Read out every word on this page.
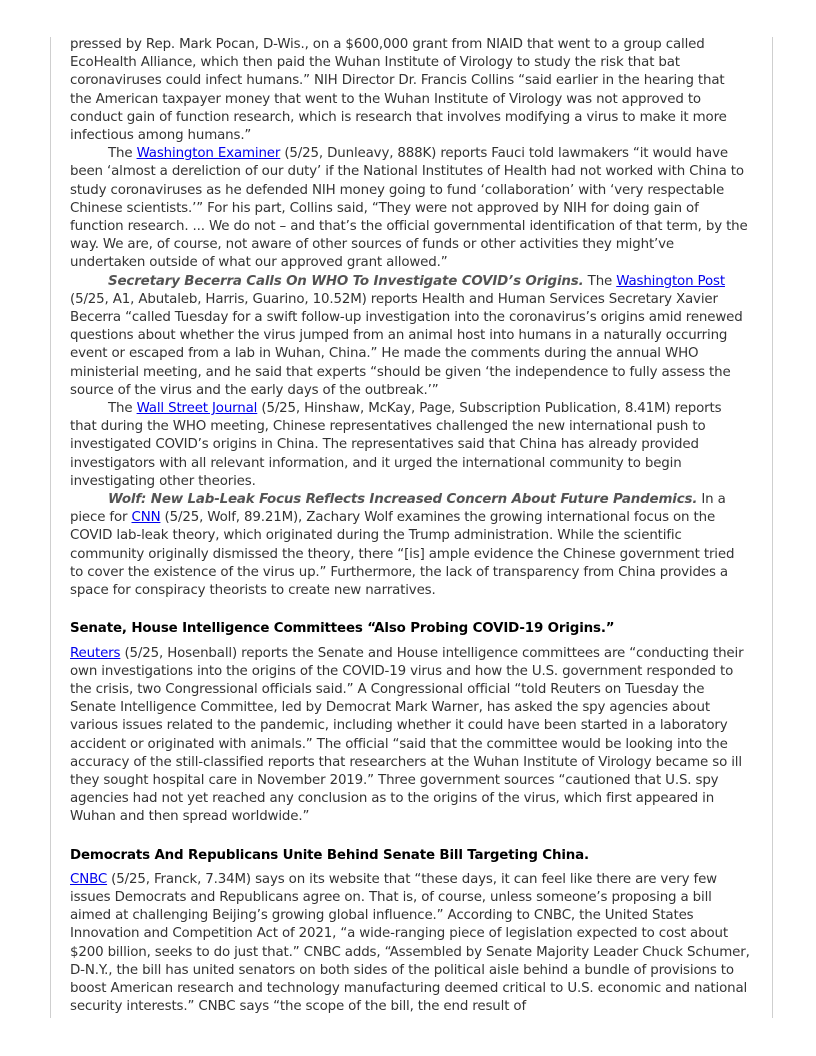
pressed by Rep. Mark Pocan, D-Wis., on a $600,000 grant from NIAID that went to a group called EcoHealth Alliance, which then paid the Wuhan Institute of Virology to study the risk that bat coronaviruses could infect humans.” NIH Director Dr. Francis Collins “said earlier in the hearing that the American taxpayer money that went to the Wuhan Institute of Virology was not approved to conduct gain of function research, which is research that involves modifying a virus to make it more infectious among humans.”

The Washington Examiner (5/25, Dunleavy, 888K) reports Fauci told lawmakers “it would have been ‘almost a dereliction of our duty’ if the National Institutes of Health had not worked with China to study coronaviruses as he defended NIH money going to fund ‘collaboration’ with ‘very respectable Chinese scientists.’” For his part, Collins said, “They were not approved by NIH for doing gain of function research. ... We do not – and that’s the official governmental identification of that term, by the way. We are, of course, not aware of other sources of funds or other activities they might’ve undertaken outside of what our approved grant allowed.”

Secretary Becerra Calls On WHO To Investigate COVID’s Origins. The Washington Post (5/25, A1, Abutaleb, Harris, Guarino, 10.52M) reports Health and Human Services Secretary Xavier Becerra “called Tuesday for a swift follow-up investigation into the coronavirus’s origins amid renewed questions about whether the virus jumped from an animal host into humans in a naturally occurring event or escaped from a lab in Wuhan, China.” He made the comments during the annual WHO ministerial meeting, and he said that experts “should be given ‘the independence to fully assess the source of the virus and the early days of the outbreak.’”

The Wall Street Journal (5/25, Hinshaw, McKay, Page, Subscription Publication, 8.41M) reports that during the WHO meeting, Chinese representatives challenged the new international push to investigated COVID’s origins in China. The representatives said that China has already provided investigators with all relevant information, and it urged the international community to begin investigating other theories.

Wolf: New Lab-Leak Focus Reflects Increased Concern About Future Pandemics. In a piece for CNN (5/25, Wolf, 89.21M), Zachary Wolf examines the growing international focus on the COVID lab-leak theory, which originated during the Trump administration. While the scientific community originally dismissed the theory, there “[is] ample evidence the Chinese government tried to cover the existence of the virus up.” Furthermore, the lack of transparency from China provides a space for conspiracy theorists to create new narratives.

Senate, House Intelligence Committees “Also Probing COVID-19 Origins.”

Reuters (5/25, Hosenball) reports the Senate and House intelligence committees are “conducting their own investigations into the origins of the COVID-19 virus and how the U.S. government responded to the crisis, two Congressional officials said.” A Congressional official “told Reuters on Tuesday the Senate Intelligence Committee, led by Democrat Mark Warner, has asked the spy agencies about various issues related to the pandemic, including whether it could have been started in a laboratory accident or originated with animals.” The official “said that the committee would be looking into the accuracy of the still-classified reports that researchers at the Wuhan Institute of Virology became so ill they sought hospital care in November 2019.” Three government sources “cautioned that U.S. spy agencies had not yet reached any conclusion as to the origins of the virus, which first appeared in Wuhan and then spread worldwide.”

Democrats And Republicans Unite Behind Senate Bill Targeting China.

CNBC (5/25, Franck, 7.34M) says on its website that “these days, it can feel like there are very few issues Democrats and Republicans agree on. That is, of course, unless someone’s proposing a bill aimed at challenging Beijing’s growing global influence.” According to CNBC, the United States Innovation and Competition Act of 2021, “a wide-ranging piece of legislation expected to cost about $200 billion, seeks to do just that.” CNBC adds, “Assembled by Senate Majority Leader Chuck Schumer, D-N.Y., the bill has united senators on both sides of the political aisle behind a bundle of provisions to boost American research and technology manufacturing deemed critical to U.S. economic and national security interests.” CNBC says “the scope of the bill, the end result of
